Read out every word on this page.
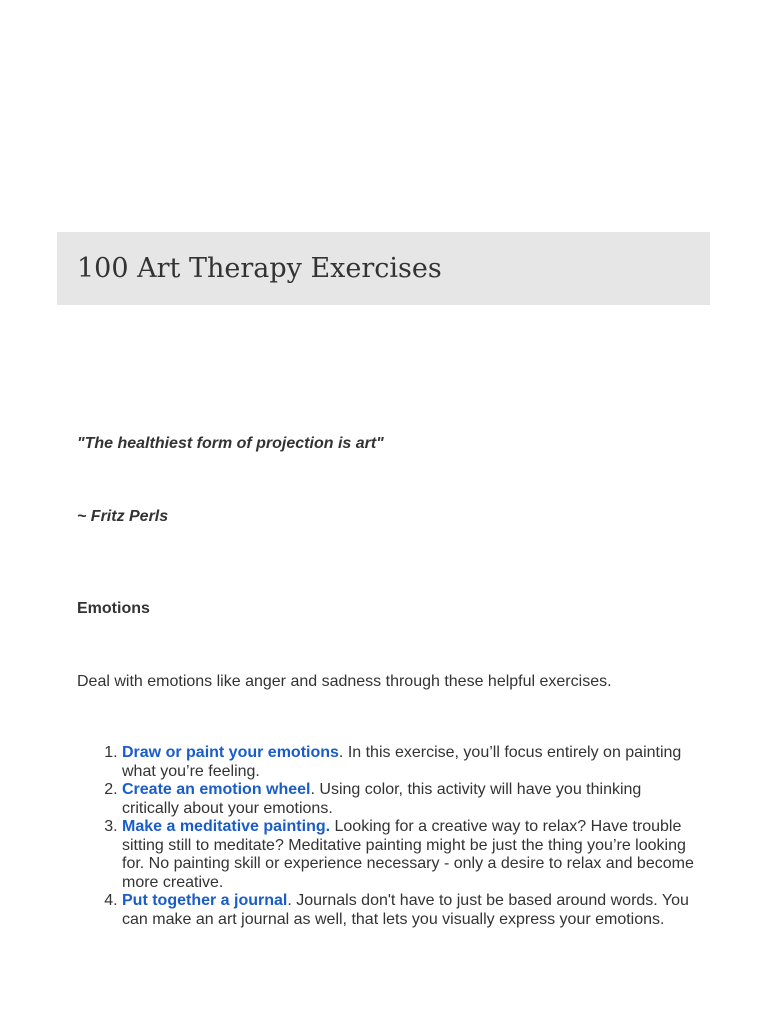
100 Art Therapy Exercises

"The healthiest form of projection is art"

~ Fritz Perls

Emotions

Deal with emotions like anger and sadness through these helpful exercises.

1. Draw or paint your emotions. In this exercise, you’ll focus entirely on painting what you’re feeling.
2. Create an emotion wheel. Using color, this activity will have you thinking critically about your emotions.
3. Make a meditative painting. Looking for a creative way to relax? Have trouble sitting still to meditate? Meditative painting might be just the thing you’re looking for. No painting skill or experience necessary - only a desire to relax and become more creative.
4. Put together a journal. Journals don't have to just be based around words. You can make an art journal as well, that lets you visually express your emotions.
